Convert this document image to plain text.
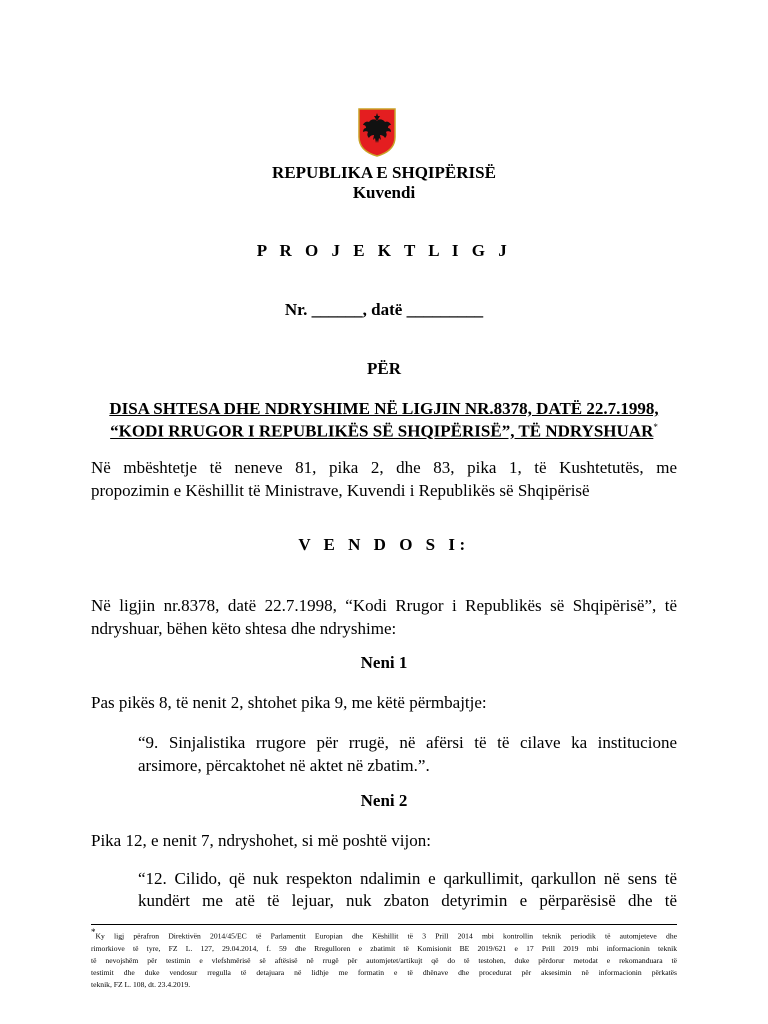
REPUBLIKA E SHQIPËRISË
Kuvendi
P R O J E K T L I G J
Nr. ______, datë _________
PËR
DISA SHTESA DHE NDRYSHIME NË LIGJIN NR.8378, DATË 22.7.1998,
“KODI RRUGOR I REPUBLIKËS SË SHQIPËRISË”, TË NDRYSHUAR*
Në mbështetje të neneve 81, pika 2, dhe 83, pika 1, të Kushtetutës, me
propozimin e Këshillit të Ministrave, Kuvendi i Republikës së Shqipërisë
V E N D O S I:
Në ligjin nr.8378, datë 22.7.1998, “Kodi Rrugor i Republikës së Shqipërisë”, të
ndryshuar, bëhen këto shtesa dhe ndryshime:
Neni 1
Pas pikës 8, të nenit 2, shtohet pika 9, me këtë përmbajtje:
“9. Sinjalistika rrugore për rrugë, në afërsi të të cilave ka institucione
arsimore, përcaktohet në aktet në zbatim.”.
Neni 2
Pika 12, e nenit 7, ndryshohet, si më poshtë vijon:
“12. Cilido, që nuk respekton ndalimin e qarkullimit, qarkullon në sens të
kundërt me atë të lejuar, nuk zbaton detyrimin e përparësisë dhe të
*Ky ligj përafron Direktivën 2014/45/EC të Parlamentit Europian dhe Këshillit të 3 Prill 2014 mbi kontrollin teknik periodik të automjeteve dhe
rimorkiove të tyre, FZ L. 127, 29.04.2014, f. 59 dhe Rregulloren e zbatimit të Komisionit BE 2019/621 e 17 Prill 2019 mbi informacionin teknik
të nevojshëm për testimin e vlefshmërisë së aftësisë në rrugë për automjetet/artikujt që do të testohen, duke përdorur metodat e rekomanduara të
testimit dhe duke vendosur rregulla të detajuara në lidhje me formatin e të dhënave dhe procedurat për aksesimin në informacionin përkatës
teknik, FZ L. 108, dt. 23.4.2019.
